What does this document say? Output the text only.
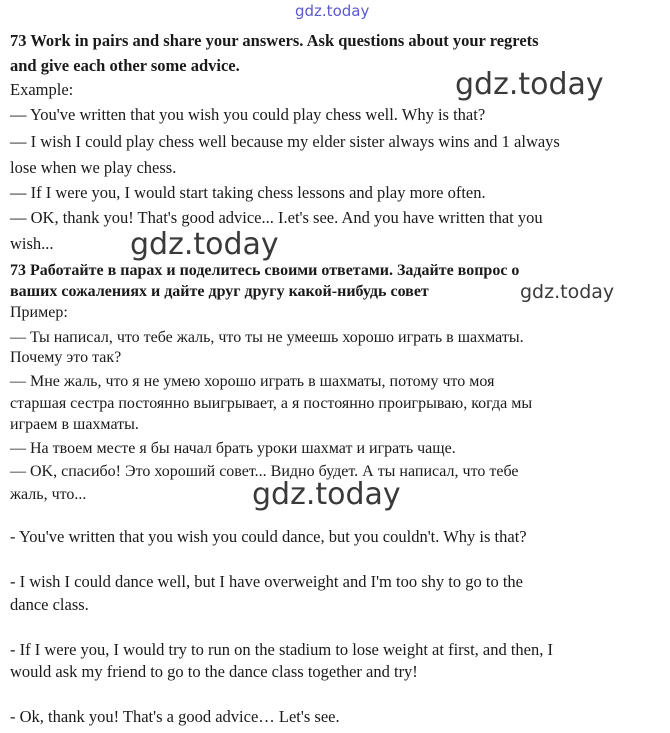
73 Work in pairs and share your answers. Ask questions about your regrets
and give each other some advice.
Example:
— You've written that you wish you could play chess well. Why is that?
— I wish I could play chess well because my elder sister always wins and 1 always
lose when we play chess.
— If I were you, I would start taking chess lessons and play more often.
— OK, thank you! That's good advice... I.et's see. And you have written that you
wish...
73 Работайте в парах и поделитесь своими ответами. Задайте вопрос о
ваших сожалениях и дайте друг другу какой-нибудь совет
Пример:
— Ты написал, что тебе жаль, что ты не умеешь хорошо играть в шахматы.
Почему это так?
— Мне жаль, что я не умею хорошо играть в шахматы, потому что моя
старшая сестра постоянно выигрывает, а я постоянно проигрываю, когда мы
играем в шахматы.
— На твоем месте я бы начал брать уроки шахмат и играть чаще.
— OK, спасибо! Это хороший совет... Видно будет. А ты написал, что тебе
жаль, что...
- You've written that you wish you could dance, but you couldn't. Why is that?
- I wish I could dance well, but I have overweight and I'm too shy to go to the
dance class.
- If I were you, I would try to run on the stadium to lose weight at first, and then, I
would ask my friend to go to the dance class together and try!
- Ok, thank you! That's a good advice… Let's see.
gdz.today
gdz.today
gdz.today
gdz.today
gdz.today
